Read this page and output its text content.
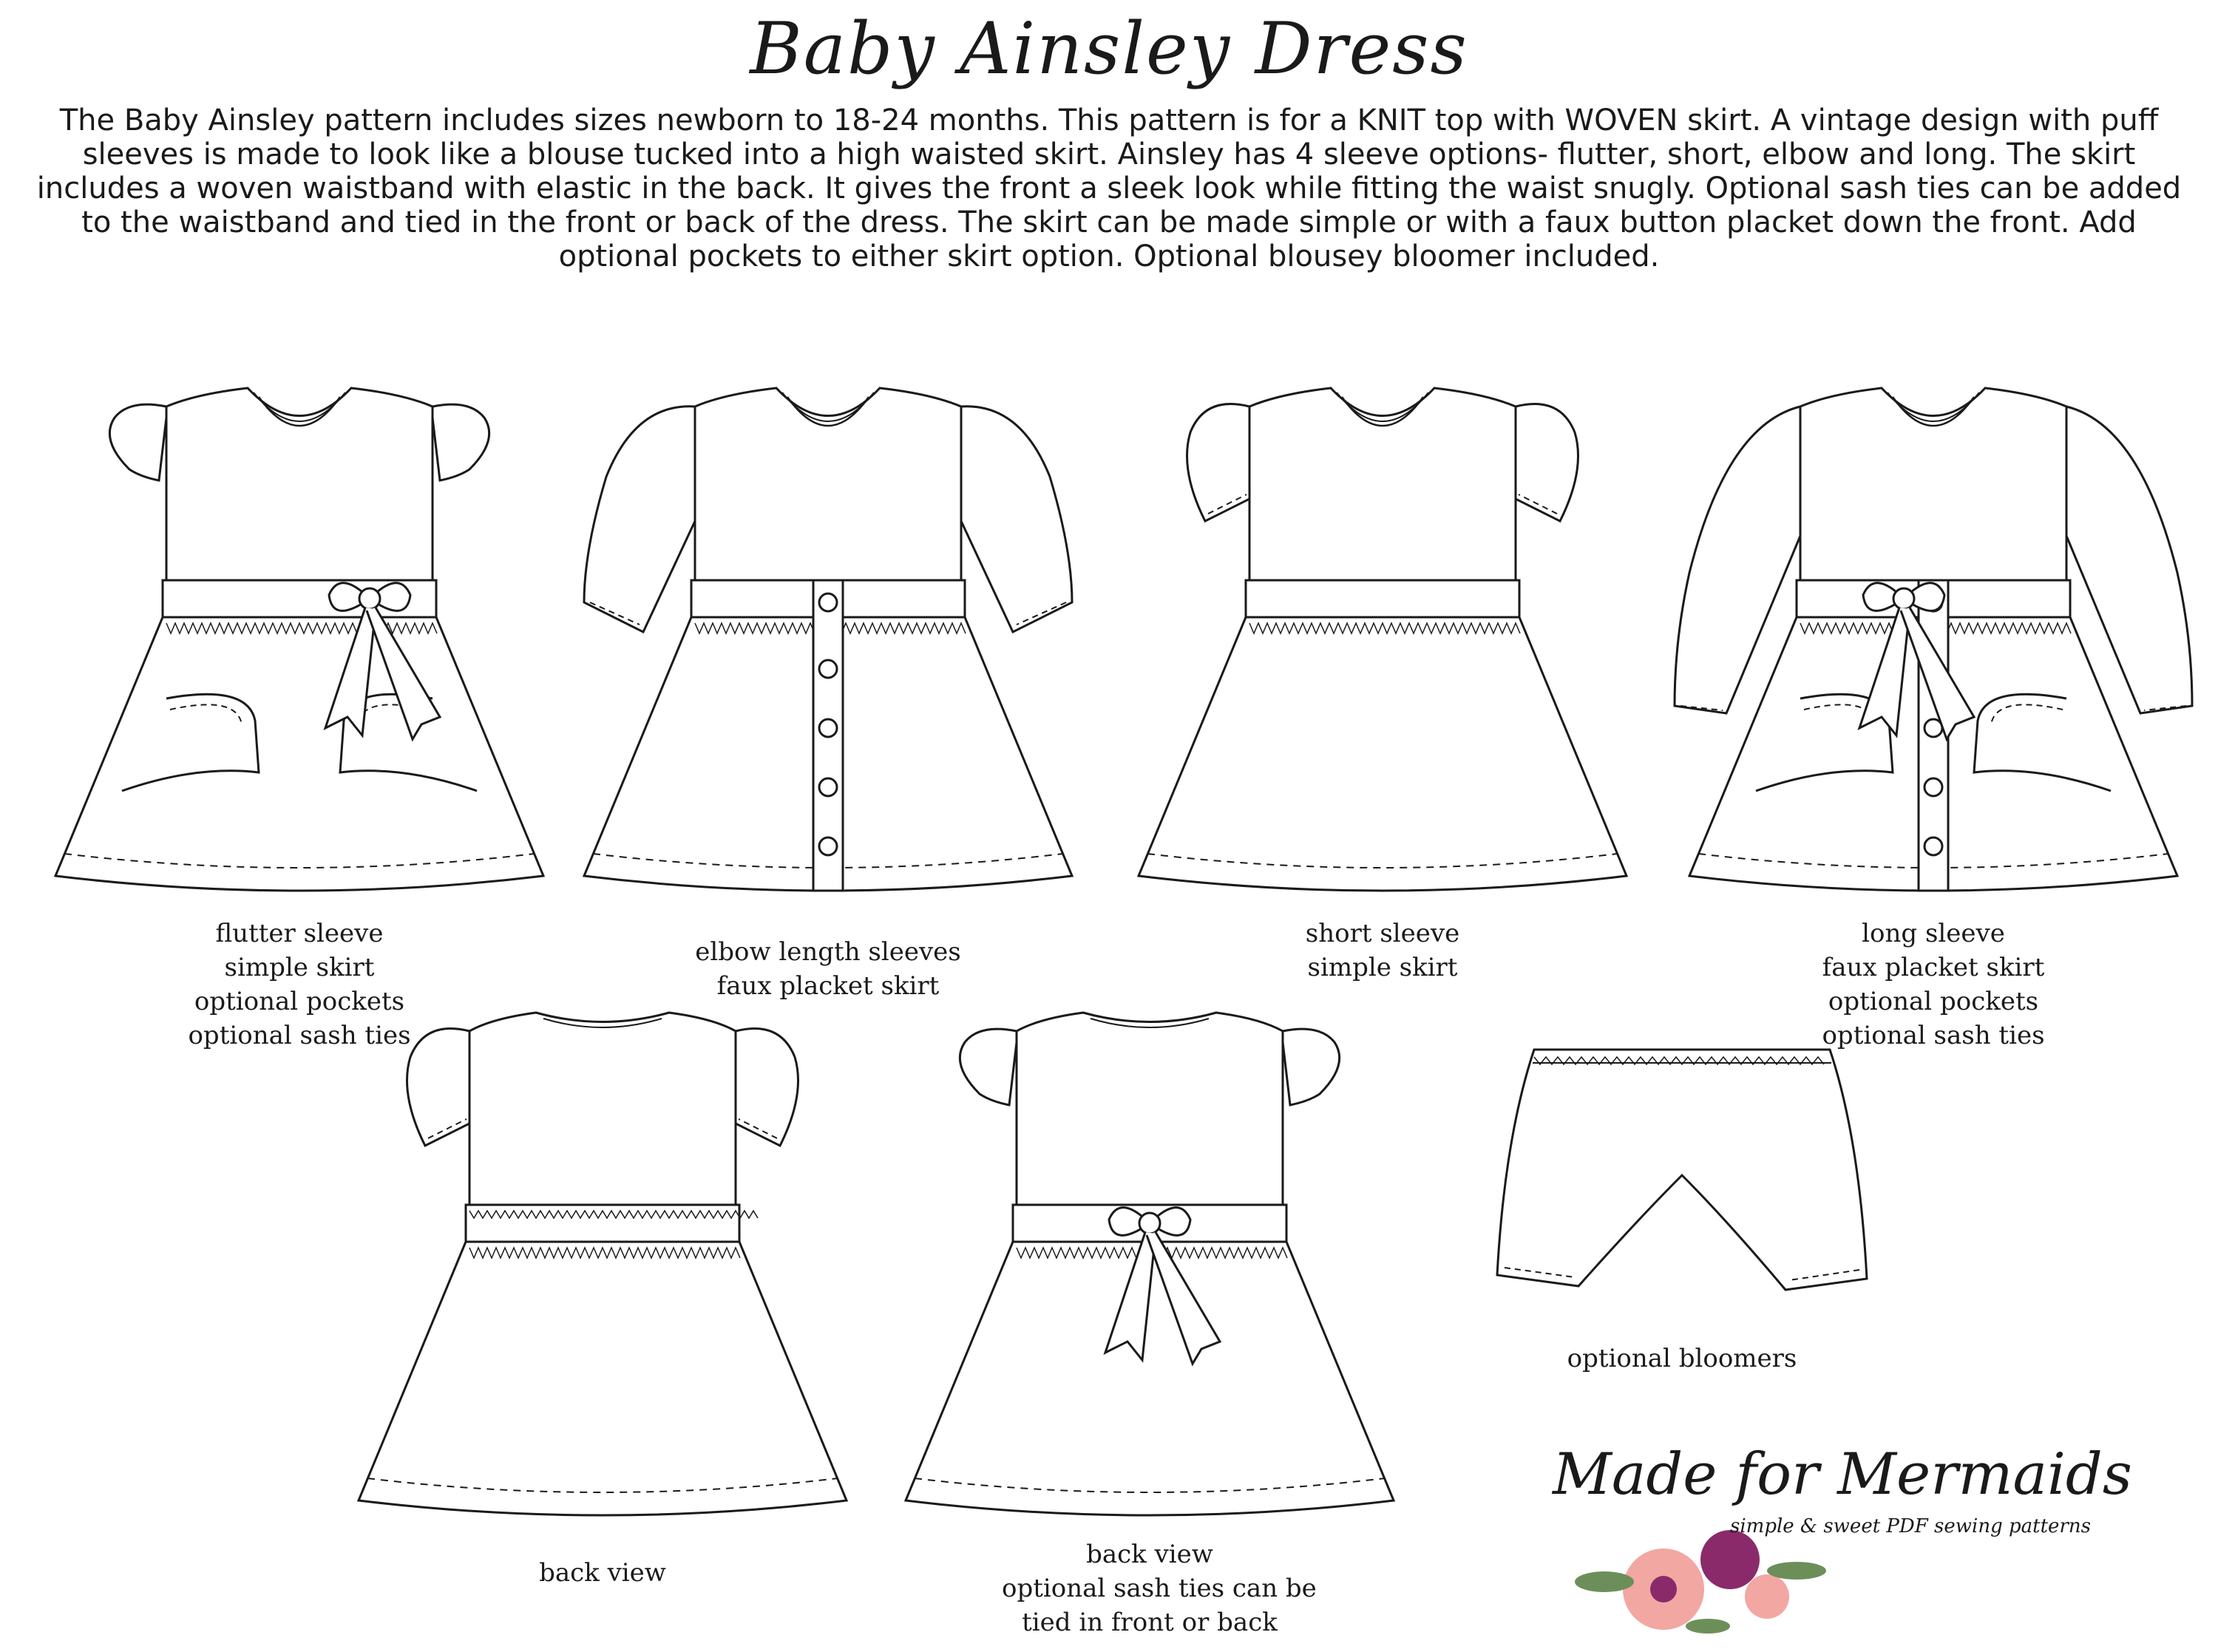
Baby Ainsley Dress
The Baby Ainsley pattern includes sizes newborn to 18-24 months. This pattern is for a KNIT top with WOVEN skirt. A vintage design with puff
sleeves is made to look like a blouse tucked into a high waisted skirt. Ainsley has 4 sleeve options- flutter, short, elbow and long. The skirt
includes a woven waistband with elastic in the back. It gives the front a sleek look while fitting the waist snugly. Optional sash ties can be added
to the waistband and tied in the front or back of the dress. The skirt can be made simple or with a faux button placket down the front. Add
optional pockets to either skirt option. Optional blousey bloomer included.
flutter sleeve
simple skirt
optional pockets
optional sash ties
elbow length sleeves
faux placket skirt
short sleeve
simple skirt
long sleeve
faux placket skirt
optional pockets
optional sash ties
back view
back view
optional sash ties can be
tied in front or back
optional bloomers
Made for Mermaids
simple & sweet PDF sewing patterns
